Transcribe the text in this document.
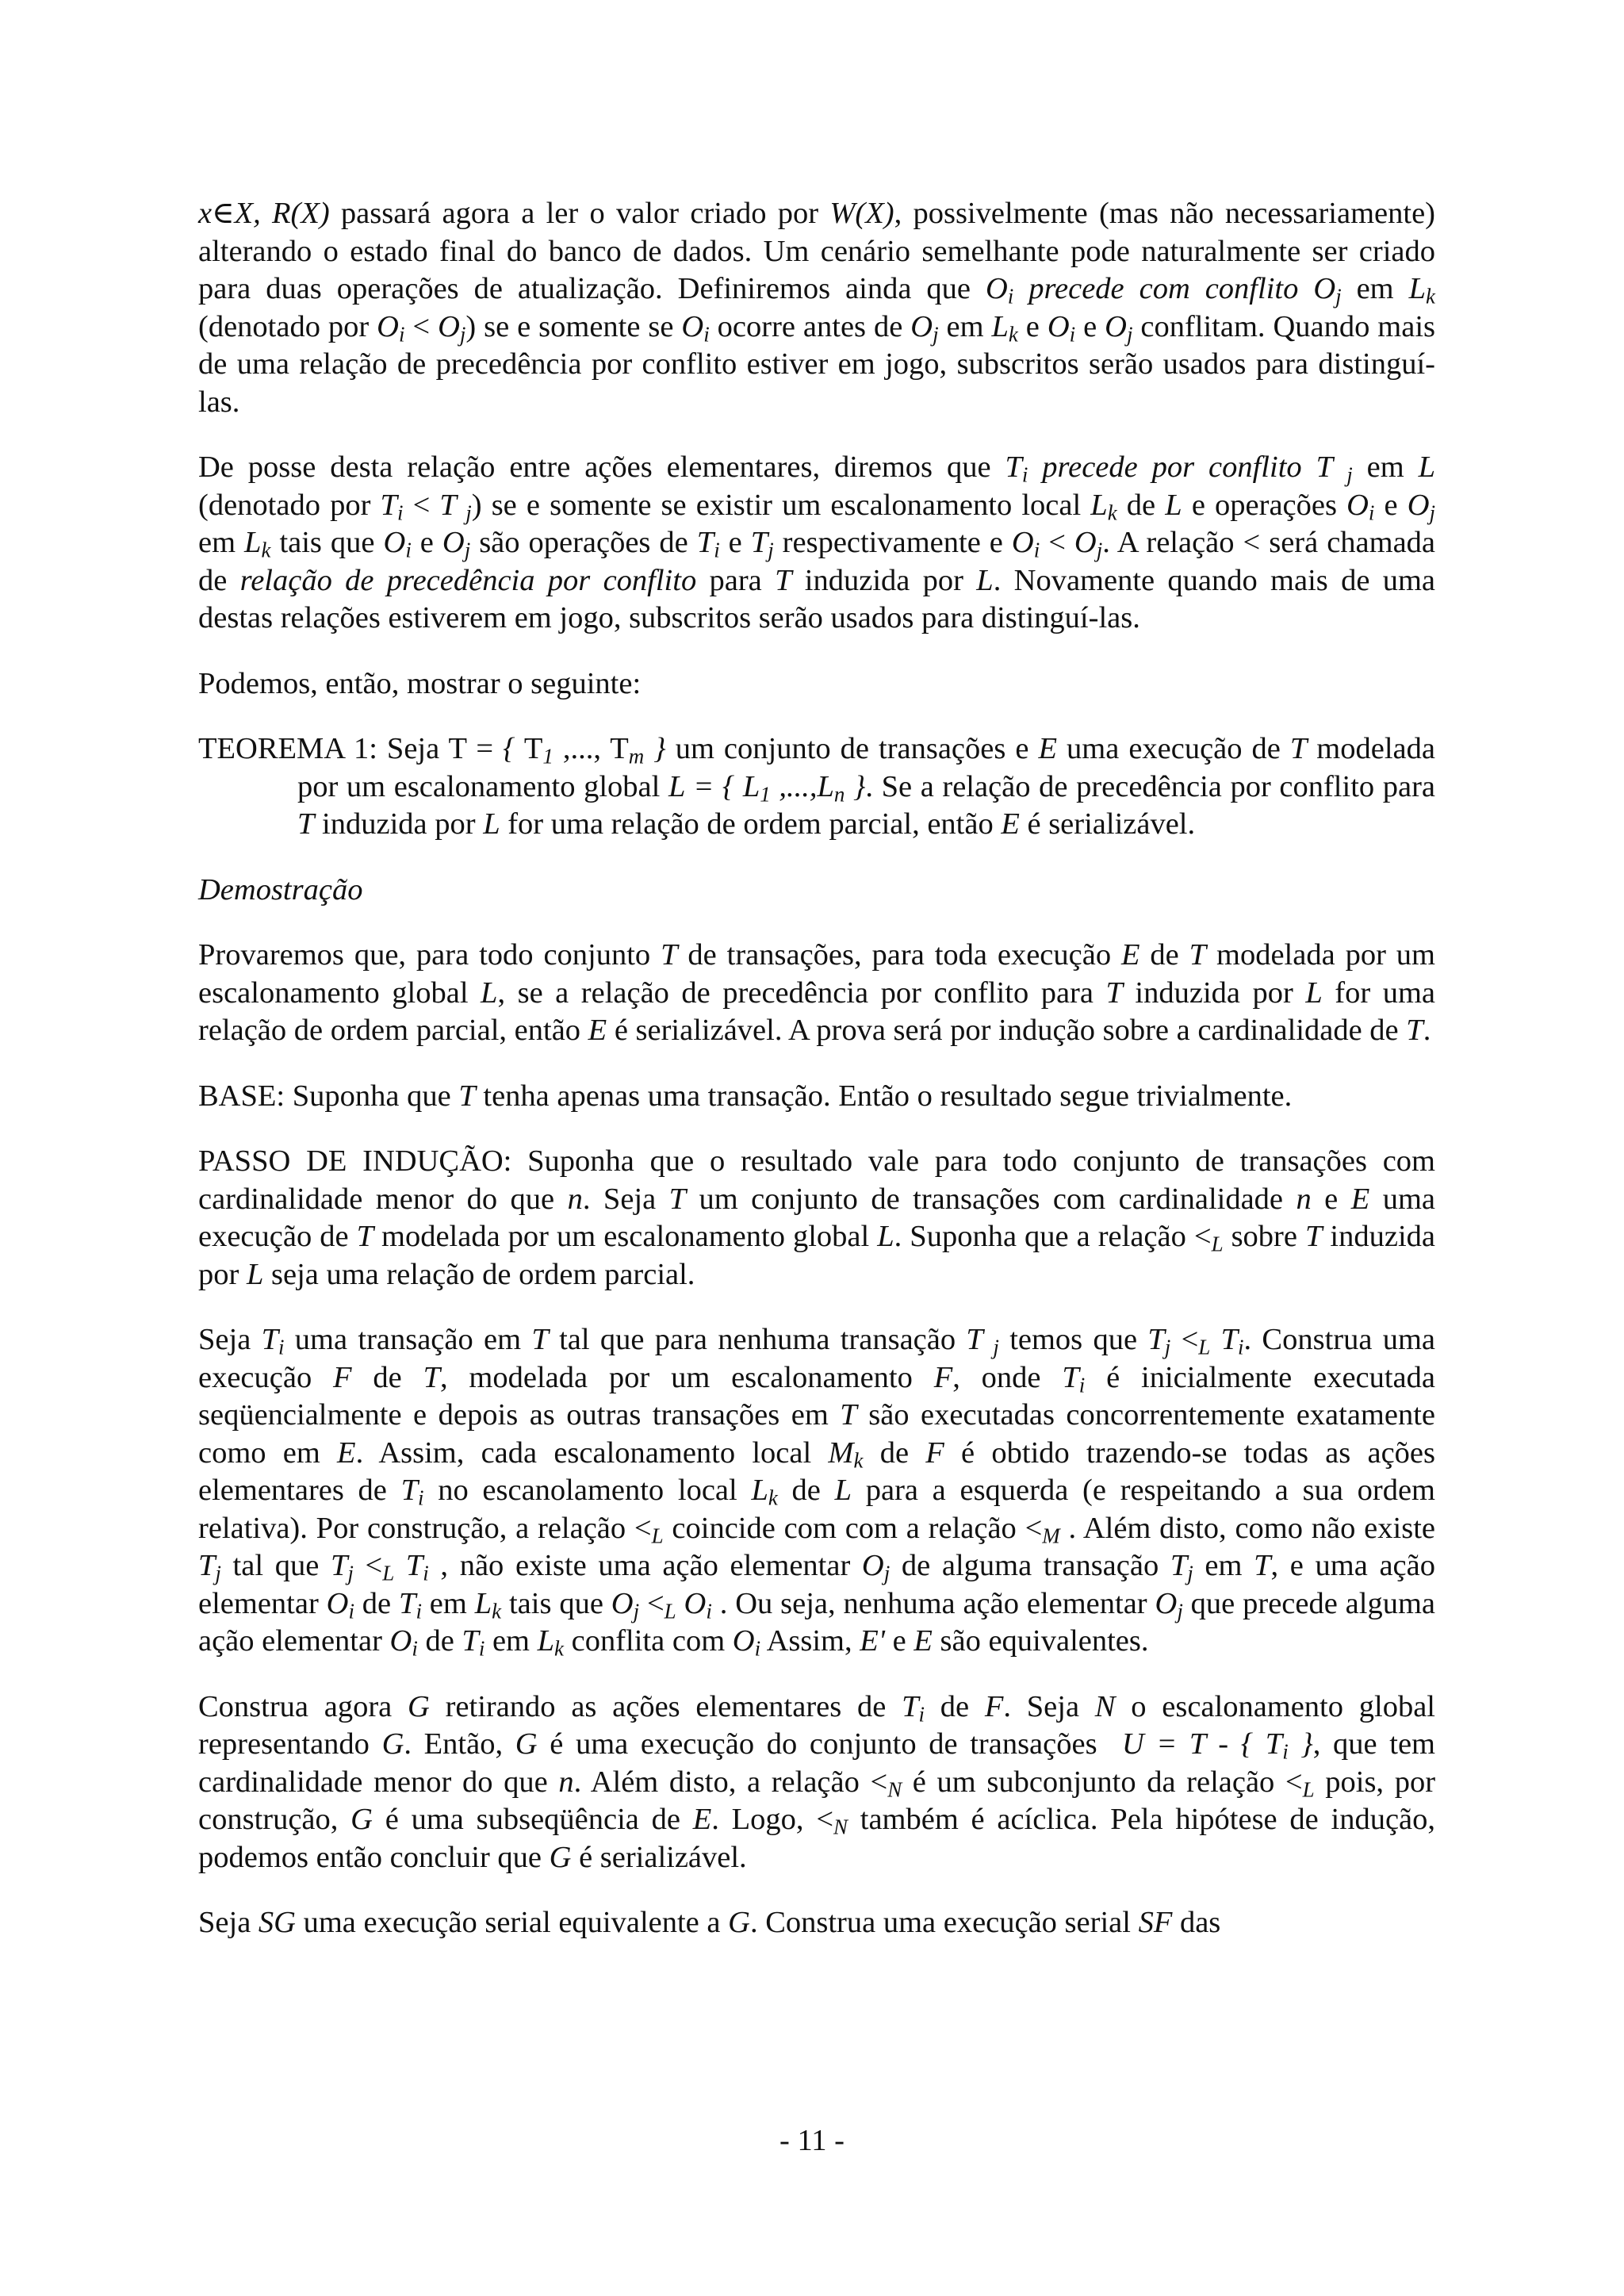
x∈X, R(X) passará agora a ler o valor criado por W(X), possivelmente (mas não necessariamente) alterando o estado final do banco de dados. Um cenário semelhante pode naturalmente ser criado para duas operações de atualização. Definiremos ainda que $O_i$ precede com conflito $O_j$ em $L_k$ (denotado por $O_i < O_j$) se e somente se $O_i$ ocorre antes de $O_j$ em $L_k$ e $O_i$ e $O_j$ conflitam. Quando mais de uma relação de precedência por conflito estiver em jogo, subscritos serão usados para distinguí-las.

De posse desta relação entre ações elementares, diremos que $T_i$ precede por conflito T $_j$ em L (denotado por $T_i < T$ $_j$) se e somente se existir um escalonamento local $L_k$ de L e operações $O_i$ e $O_j$ em $L_k$ tais que $O_i$ e $O_j$ são operações de $T_i$ e $T_j$ respectivamente e $O_i < O_j$. A relação < será chamada de relação de precedência por conflito para T induzida por L. Novamente quando mais de uma destas relações estiverem em jogo, subscritos serão usados para distinguí-las.

Podemos, então, mostrar o seguinte:

TEOREMA 1: Seja T = { $T_1$ ,..., $T_m$ } um conjunto de transações e E uma execução de T modelada por um escalonamento global L = { $L_1$ $,...,L_n$ }. Se a relação de precedência por conflito para T induzida por L for uma relação de ordem parcial, então E é serializável.

Demostração

Provaremos que, para todo conjunto T de transações, para toda execução E de T modelada por um escalonamento global L, se a relação de precedência por conflito para T induzida por L for uma relação de ordem parcial, então E é serializável. A prova será por indução sobre a cardinalidade de T.

BASE: Suponha que T tenha apenas uma transação. Então o resultado segue trivialmente.

PASSO DE INDUÇÃO: Suponha que o resultado vale para todo conjunto de transações com cardinalidade menor do que n. Seja T um conjunto de transações com cardinalidade n e E uma execução de T modelada por um escalonamento global L. Suponha que a relação $<_L$ sobre T induzida por L seja uma relação de ordem parcial.

Seja $T_i$ uma transação em T tal que para nenhuma transação T $_j$ temos que $T_j <_L$ $T_i$. Construa uma execução F de T, modelada por um escalonamento F, onde $T_i$ é inicialmente executada seqüencialmente e depois as outras transações em T são executadas concorrentemente exatamente como em E. Assim, cada escalonamento local $M_k$ de F é obtido trazendo-se todas as ações elementares de $T_i$ no escanolamento local $L_k$ de L para a esquerda (e respeitando a sua ordem relativa). Por construção, a relação $<_L$ coincide com com a relação $<_M$ . Além disto, como não existe $T_j$ tal que $T_j <_L$ $T_i$ , não existe uma ação elementar $O_j$ de alguma transação $T_j$ em T, e uma ação elementar $O_i$ de $T_i$ em $L_k$ tais que $O_j <_L$ $O_i$ . Ou seja, nenhuma ação elementar $O_j$ que precede alguma ação elementar $O_i$ de $T_i$ em $L_k$ conflita com $O_i$ Assim, E' e E são equivalentes.

Construa agora G retirando as ações elementares de $T_i$ de F. Seja N o escalonamento global representando G. Então, G é uma execução do conjunto de transações  U = T - { $T_i$ }, que tem cardinalidade menor do que n. Além disto, a relação $<_N$ é um subconjunto da relação $<_L$ pois, por construção, G é uma subseqüência de E. Logo, $<_N$ também é acíclica. Pela hipótese de indução, podemos então concluir que G é serializável.

Seja SG uma execução serial equivalente a G. Construa uma execução serial SF das

- 11 -
